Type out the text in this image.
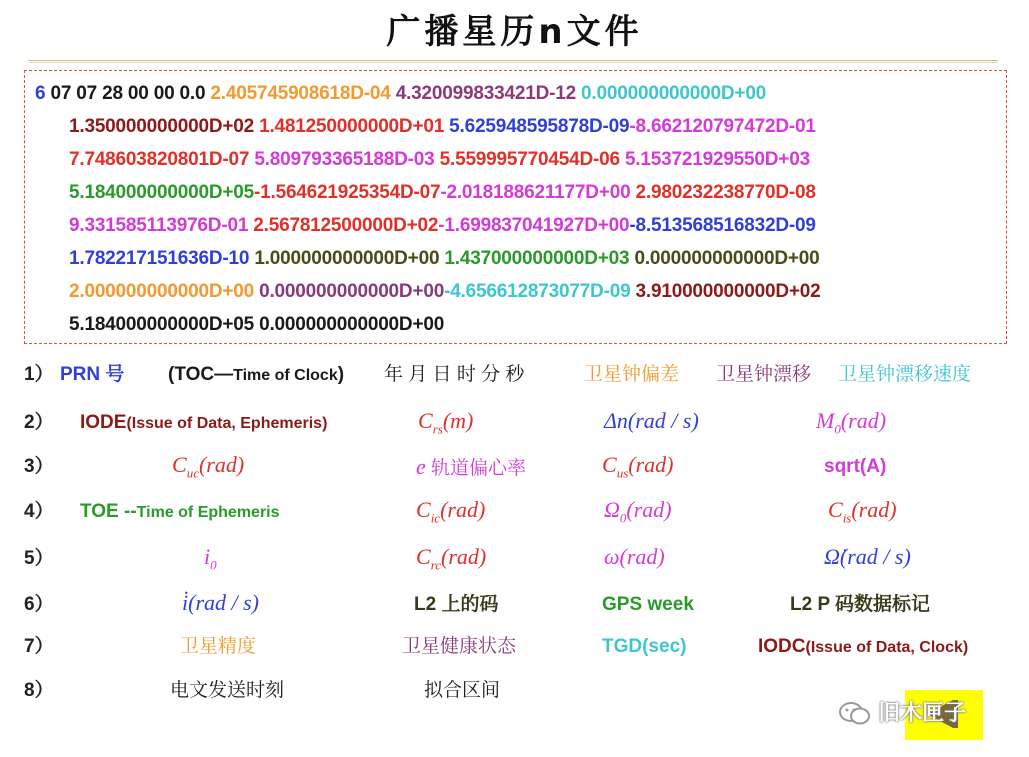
广播星历n文件
6 07 07 28 00 00 0.0 2.405745908618D-04 4.320099833421D-12 0.000000000000D+00
1.350000000000D+02 1.481250000000D+01 5.625948595878D-09-8.662120797472D-01
7.748603820801D-07 5.809793365188D-03 5.559995770454D-06 5.153721929550D+03
5.184000000000D+05-1.564621925354D-07-2.018188621177D+00 2.980232238770D-08
9.331585113976D-01 2.567812500000D+02-1.699837041927D+00-8.513568516832D-09
1.782217151636D-10 1.000000000000D+00 1.437000000000D+03 0.000000000000D+00
2.000000000000D+00 0.000000000000D+00-4.656612873077D-09 3.910000000000D+02
5.184000000000D+05 0.000000000000D+00
1） PRN 号 (TOC—Time of Clock) 年 月 日 时 分 秒	卫星钟偏差 卫星钟漂移 卫星钟漂移速度
2） IODE(Issue of Data, Ephemeris)	$C_{rs}(m)$	Δn(rad / s)	$M_0(rad)$
3）	$C_{uc}(rad)$	e 轨道偏心率	$C_{us}(rad)$	sqrt(A)
4） TOE --Time of Ephemeris	$C_{ic}(rad)$	$\Omega_0(rad)$	$C_{is}(rad)$
5）	$i_0$	$C_{rc}(rad)$	ω(rad)	Ω̇(rad / s)
6）	i̇(rad / s)	L2 上的码	GPS week	L2 P 码数据标记
7）	卫星精度	卫星健康状态	TGD(sec)	IODC(Issue of Data, Clock)
8）	电文发送时刻	拟合区间
旧木匣子
